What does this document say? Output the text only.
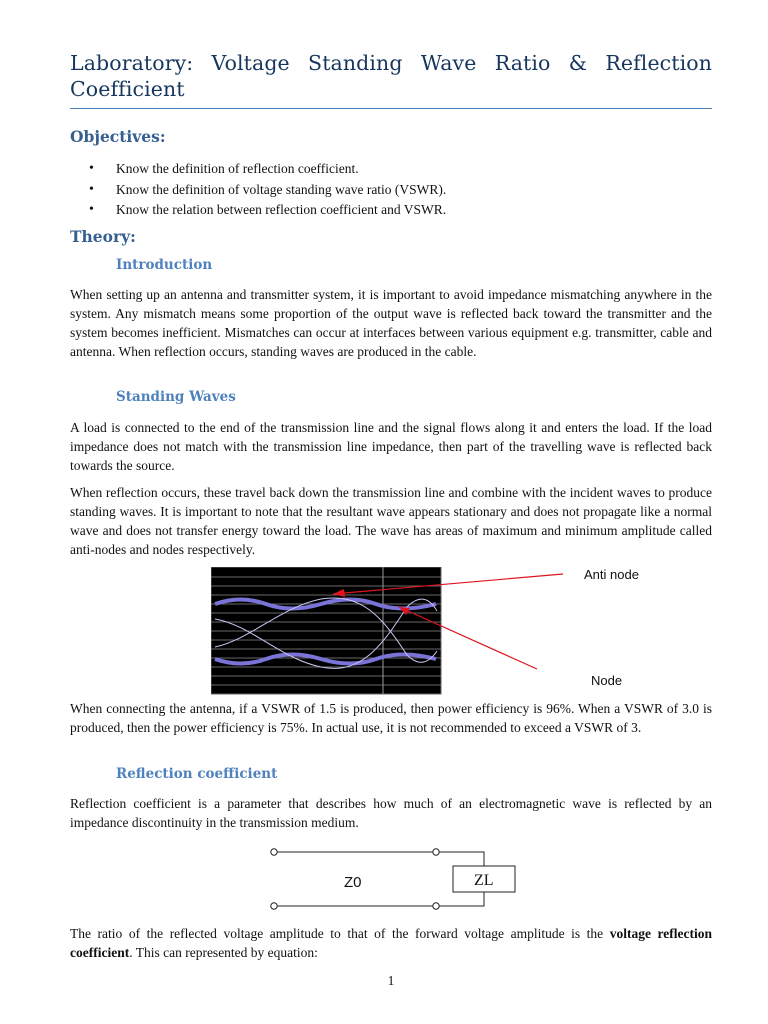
Laboratory: Voltage Standing Wave Ratio & Reflection
Coefficient
Objectives:
• Know the definition of reflection coefficient.
• Know the definition of voltage standing wave ratio (VSWR).
• Know the relation between reflection coefficient and VSWR.
Theory:
Introduction

When setting up an antenna and transmitter system, it is important to avoid impedance mismatching anywhere in the system. Any mismatch means some proportion of the output wave is reflected back toward the transmitter and the system becomes inefficient. Mismatches can occur at interfaces between various equipment e.g. transmitter, cable and antenna. When reflection occurs, standing waves are produced in the cable.

Standing Waves

A load is connected to the end of the transmission line and the signal flows along it and enters the load. If the load impedance does not match with the transmission line impedance, then part of the travelling wave is reflected back towards the source.

When reflection occurs, these travel back down the transmission line and combine with the incident waves to produce standing waves. It is important to note that the resultant wave appears stationary and does not propagate like a normal wave and does not transfer energy toward the load. The wave has areas of maximum and minimum amplitude called anti-nodes and nodes respectively.

Anti node
Node

When connecting the antenna, if a VSWR of 1.5 is produced, then power efficiency is 96%. When a VSWR of 3.0 is produced, then the power efficiency is 75%. In actual use, it is not recommended to exceed a VSWR of 3.

Reflection coefficient

Reflection coefficient is a parameter that describes how much of an electromagnetic wave is reflected by an impedance discontinuity in the transmission medium.

Z0	ZL

The ratio of the reflected voltage amplitude to that of the forward voltage amplitude is the voltage reflection coefficient. This can represented by equation:

1
